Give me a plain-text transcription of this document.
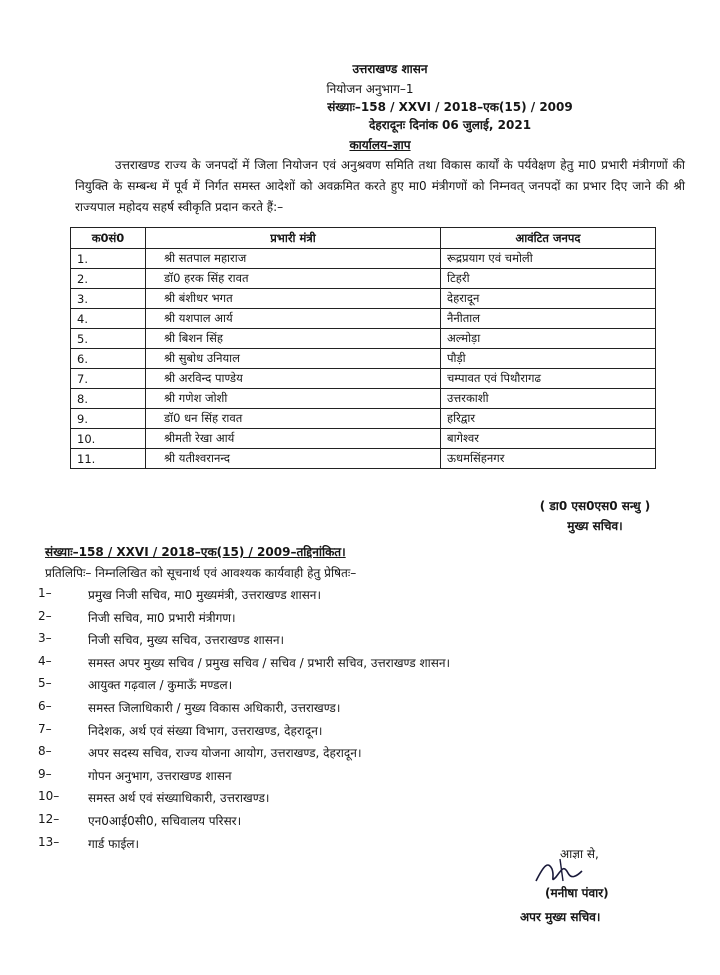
उत्तराखण्ड शासन
नियोजन अनुभाग–1
संख्याः–158 / XXVI / 2018–एक(15) / 2009
देहरादूनः दिनांक 06 जुलाई, 2021
कार्यालय–ज्ञाप
उत्तराखण्ड राज्य के जनपदों में जिला नियोजन एवं अनुश्रवण समिति तथा विकास कार्यों के पर्यवेक्षण हेतु मा0 प्रभारी मंत्रीगणों की नियुक्ति के सम्बन्ध में पूर्व में निर्गत समस्त आदेशों को अवक्रमित करते हुए मा0 मंत्रीगणों को निम्नवत् जनपदों का प्रभार दिए जाने की श्री राज्यपाल महोदय सहर्ष स्वीकृति प्रदान करते हैं:–
क0सं0	प्रभारी मंत्री	आवंटित जनपद
1.	श्री सतपाल महाराज	रूद्रप्रयाग एवं चमोली
2.	डॉ0 हरक सिंह रावत	टिहरी
3.	श्री बंशीधर भगत	देहरादून
4.	श्री यशपाल आर्य	नैनीताल
5.	श्री बिशन सिंह	अल्मोड़ा
6.	श्री सुबोध उनियाल	पौड़ी
7.	श्री अरविन्द पाण्डेय	चम्पावत एवं पिथौरागढ
8.	श्री गणेश जोशी	उत्तरकाशी
9.	डॉ0 धन सिंह रावत	हरिद्वार
10.	श्रीमती रेखा आर्य	बागेश्वर
11.	श्री यतीश्वरानन्द	ऊधमसिंहनगर
( डा0 एस0एस0 सन्धु )
मुख्य सचिव।
संख्याः–158 / XXVI / 2018–एक(15) / 2009–तद्दिनांकित।
प्रतिलिपिः– निम्नलिखित को सूचनार्थ एवं आवश्यक कार्यवाही हेतु प्रेषितः–
1–	प्रमुख निजी सचिव, मा0 मुख्यमंत्री, उत्तराखण्ड शासन।
2–	निजी सचिव, मा0 प्रभारी मंत्रीगण।
3–	निजी सचिव, मुख्य सचिव, उत्तराखण्ड शासन।
4–	समस्त अपर मुख्य सचिव / प्रमुख सचिव / सचिव / प्रभारी सचिव, उत्तराखण्ड शासन।
5–	आयुक्त गढ़वाल / कुमाऊँ मण्डल।
6–	समस्त जिलाधिकारी / मुख्य विकास अधिकारी, उत्तराखण्ड।
7–	निदेशक, अर्थ एवं संख्या विभाग, उत्तराखण्ड, देहरादून।
8–	अपर सदस्य सचिव, राज्य योजना आयोग, उत्तराखण्ड, देहरादून।
9–	गोपन अनुभाग, उत्तराखण्ड शासन
10–	समस्त अर्थ एवं संख्याधिकारी, उत्तराखण्ड।
12–	एन0आई0सी0, सचिवालय परिसर।
13–	गार्ड फाईल।
आज्ञा से,
(मनीषा पंवार)
अपर मुख्य सचिव।
